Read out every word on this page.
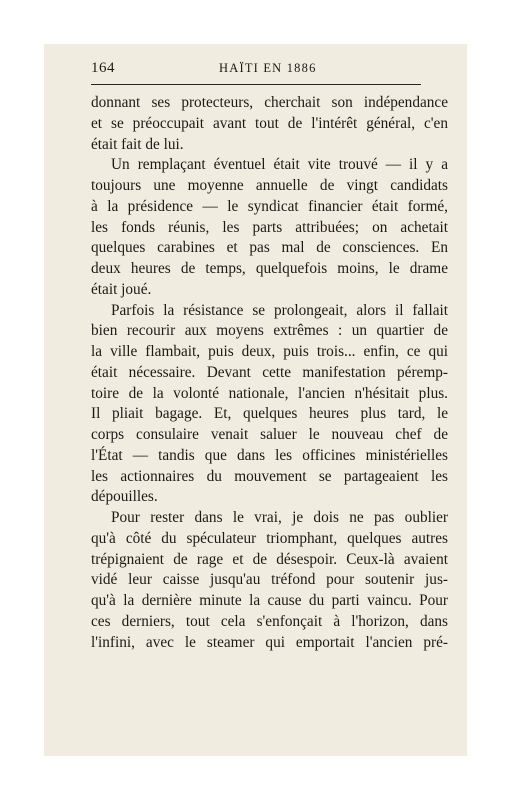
164	HAÏTI EN 1886
donnant ses protecteurs, cherchait son indépendance
et se préoccupait avant tout de l'intérêt général, c'en
était fait de lui.
Un remplaçant éventuel était vite trouvé — il y a
toujours une moyenne annuelle de vingt candidats
à la présidence — le syndicat financier était formé,
les fonds réunis, les parts attribuées; on achetait
quelques carabines et pas mal de consciences. En
deux heures de temps, quelquefois moins, le drame
était joué.
Parfois la résistance se prolongeait, alors il fallait
bien recourir aux moyens extrêmes : un quartier de
la ville flambait, puis deux, puis trois... enfin, ce qui
était nécessaire. Devant cette manifestation péremp-
toire de la volonté nationale, l'ancien n'hésitait plus.
Il pliait bagage. Et, quelques heures plus tard, le
corps consulaire venait saluer le nouveau chef de
l'État — tandis que dans les officines ministérielles
les actionnaires du mouvement se partageaient les
dépouilles.
Pour rester dans le vrai, je dois ne pas oublier
qu'à côté du spéculateur triomphant, quelques autres
trépignaient de rage et de désespoir. Ceux-là avaient
vidé leur caisse jusqu'au tréfond pour soutenir jus-
qu'à la dernière minute la cause du parti vaincu. Pour
ces derniers, tout cela s'enfonçait à l'horizon, dans
l'infini, avec le steamer qui emportait l'ancien pré-
